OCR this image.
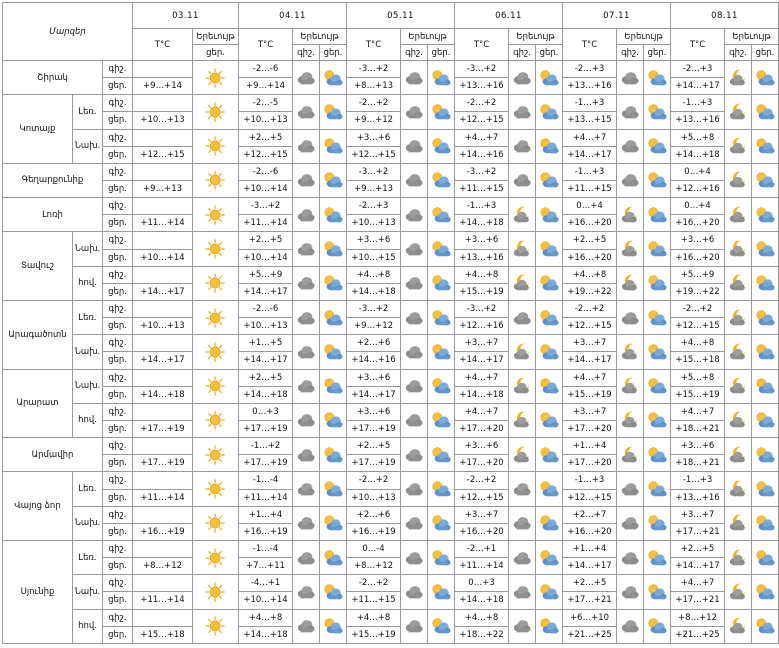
Մարզեր			03.11		04.11			05.11			06.11			07.11			08.11		
			T°C	Երեւույթ	T°C	Երեւույթ		T°C	Երեւույթ		T°C	Երեւույթ		T°C	Երեւույթ		T°C	Երեւույթ	
				ցեր.		գիշ.	ցեր.		գիշ.	ցեր.		գիշ.	ցեր.		գիշ.	ցեր.		գիշ.	ցեր.
Շիրակ		գիշ.			-2…-6			-3…+2			-3…+2			-2…+3			-2…+3	

		ցեր.	+9…+14		+9…+14			+8…+13			+13…+16			+13…+16			+14…+17		
Կոտայք	Լեռ.	գիշ.			-2…-5			-2…+2			-2…+2			-1…+3			-1…+3	

		ցեր.	+10…+13		+10…+13			+9…+12			+12…+15			+13…+15			+13…+16		
	Նախ.	գիշ.			+2…+5			+3…+6			+4…+7			+4…+7			+5…+8	

		ցեր.	+12…+15		+12…+15			+12…+15			+14…+16			+14…+17			+14…+18		
Գեղարքունիք		գիշ.			-2…-6			-3…+2			-3…+2			-1…+3			0…+4	

		ցեր.	+9…+13		+10…+14			+9…+13			+11…+15			+11…+15			+12…+16		
Լոռի		գիշ.			-3…+2			-2…+3			-1…+3			0…+4			0…+4	

		ցեր.	+11…+14		+11…+14			+10…+13			+14…+18			+16…+20			+16…+20		
Տավուշ	Նախ.	գիշ.			+2…+5			+3…+6			+3…+6			+2…+5			+3…+6	

		ցեր.	+10…+14		+10…+14			+10…+15			+13…+16			+16…+20			+16…+20		
	հով.	գիշ.			+5…+9			+4…+8			+4…+8			+4…+8			+5…+9	

		ցեր.	+14…+17		+14…+17			+14…+18			+15…+19			+19…+22			+19…+22		
Արագածոտն	Լեռ.	գիշ.			-2…-6			-3…+2			-3…+2			-2…+2			-2…+2	

		ցեր.	+10…+13		+10…+13			+9…+12			+12…+16			+12…+15			+12…+15		
	Նախ.	գիշ.			+1…+5			+2…+6			+3…+7			+3…+7			+4…+8	

		ցեր.	+14…+17		+14…+17			+14…+16			+14…+17			+14…+17			+15…+18		
Արարատ	Նախ.	գիշ.			+2…+5			+3…+6			+4…+7			+4…+7			+5…+8	

		ցեր.	+14…+18		+14…+18			+14…+17			+14…+18			+15…+19			+15…+19		
	հով.	գիշ.			0…+3			+3…+6			+4…+7			+3…+7			+4…+7	

		ցեր.	+17…+19		+17…+19			+17…+19			+17…+20			+17…+20			+18…+21		
Արմավիր		գիշ.			-1…+2			+2…+5			+3…+6			+1…+4			+3…+6	

		ցեր.	+17…+19		+17…+19			+17…+19			+17…+20			+17…+20			+18…+21		
Վայոց ձոր	Լեռ.	գիշ.			-1…-4			-2…+2			-2…+2			-1…+3			-1…+3	

		ցեր.	+11…+14		+11…+14			+10…+13			+12…+15			+12…+15			+13…+16		
	Նախ.	գիշ.			+1…+4			+2…+6			+3…+7			+2…+7			+3…+7	

		ցեր.	+16…+19		+16…+19			+16…+19			+16…+20			+16…+20			+17…+21		
Սյունիք	Լեռ.	գիշ.			-1…-4			0…-4			-2…+1			+1…+4			+2…+5	

		ցեր.	+8…+12		+7…+11			+8…+12			+11…+14			+14…+17			+14…+17		
	Նախ.	գիշ.			-4…+1			-2…+2			0…+3			+2…+5			+4…+7	

		ցեր.	+11…+14		+10…+14			+11…+15			+14…+18			+17…+21			+17…+21		
	հով.	գիշ.			+4…+8			+4…+8			+4…+8			+6…+10			+8…+12	

		ցեր.	+15…+18		+14…+18			+15…+19			+18…+22			+21…+25			+21…+25		
